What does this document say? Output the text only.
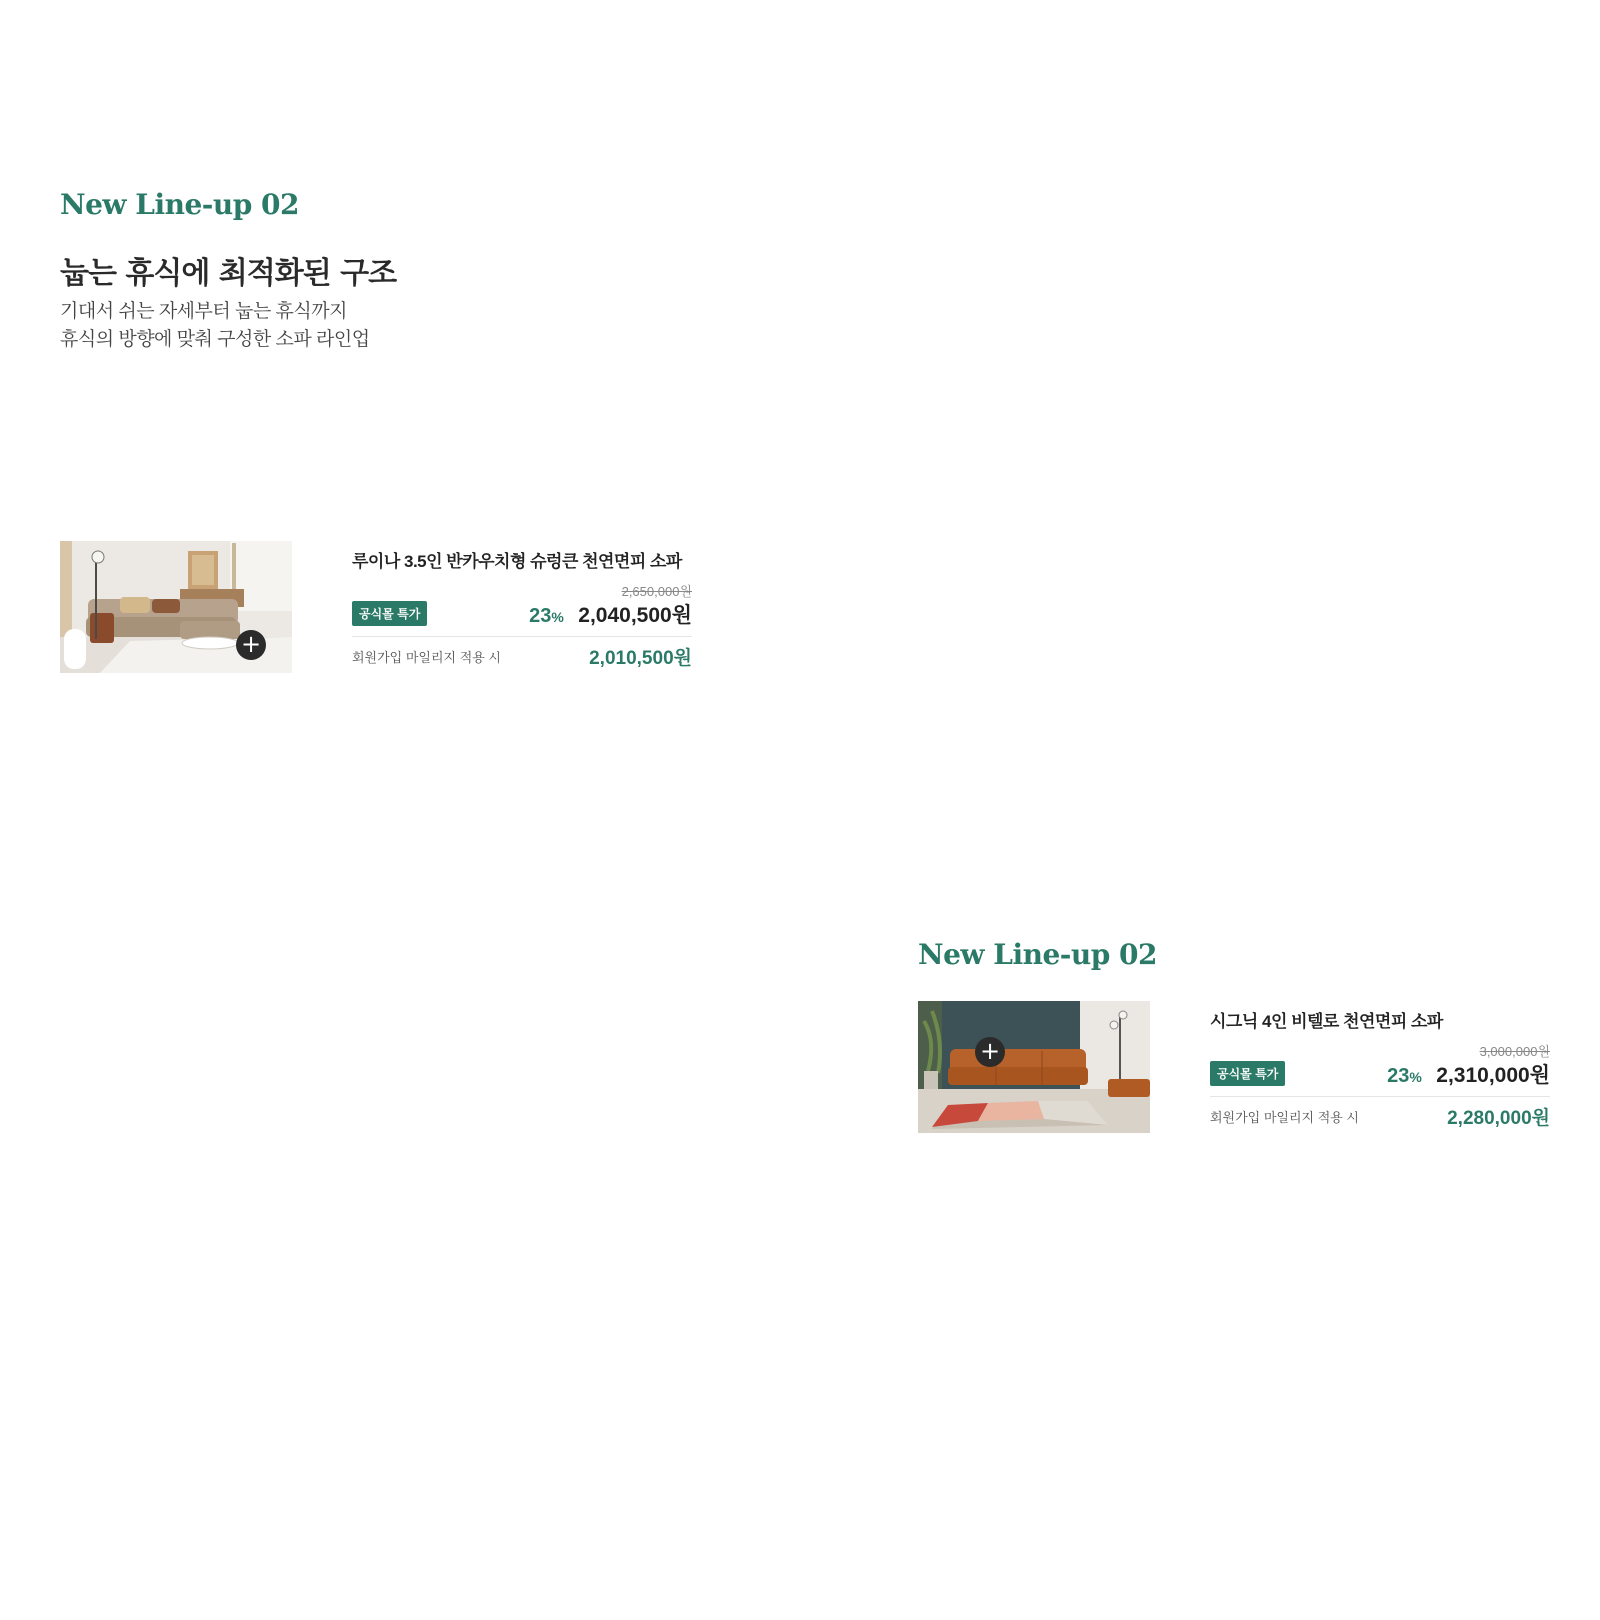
New Line-up 02
눕는 휴식에 최적화된 구조
기대서 쉬는 자세부터 눕는 휴식까지
휴식의 방향에 맞춰 구성한 소파 라인업
+
루이나 3.5인 반카우치형 슈렁큰 천연면피 소파
2,650,000원
공식몰 특가	23% 2,040,500원
회원가입 마일리지 적용 시	2,010,500원
New Line-up 02
+
시그닉 4인 비텔로 천연면피 소파
3,000,000원
공식몰 특가	23% 2,310,000원
회원가입 마일리지 적용 시	2,280,000원
